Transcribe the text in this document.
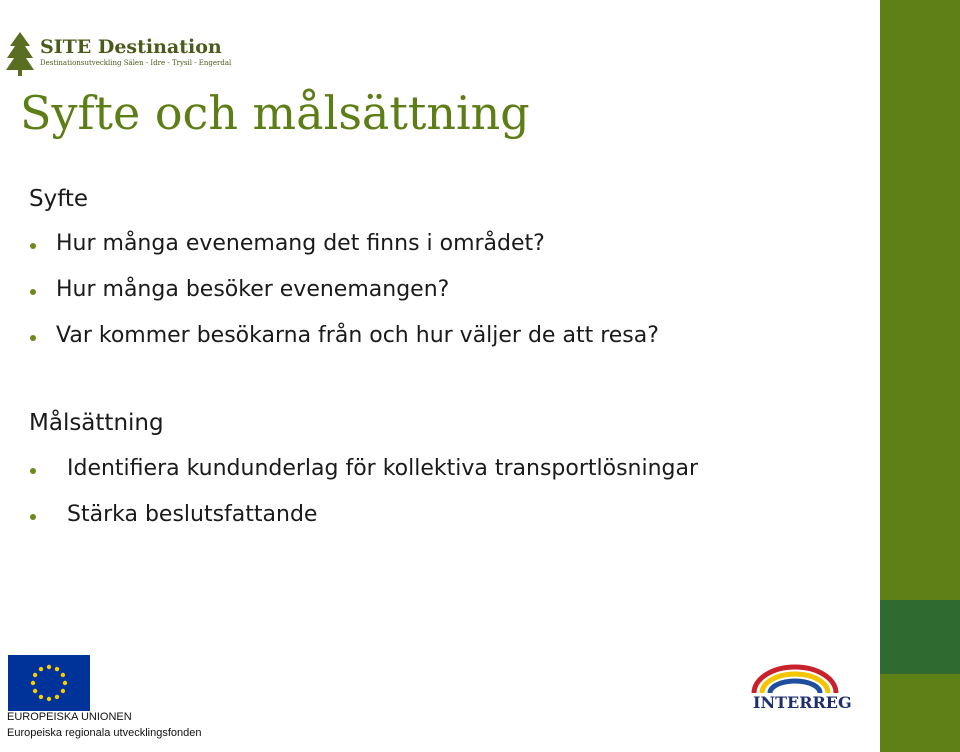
SITE Destination
Destinationsutveckling Sälen - Idre - Trysil - Engerdal
Syfte och målsättning
Syfte
Hur många evenemang det finns i området?
Hur många besöker evenemangen?
Var kommer besökarna från och hur väljer de att resa?
Målsättning
Identifiera kundunderlag för kollektiva transportlösningar
Stärka beslutsfattande
EUROPEISKA UNIONEN
Europeiska regionala utvecklingsfonden
INTERREG
